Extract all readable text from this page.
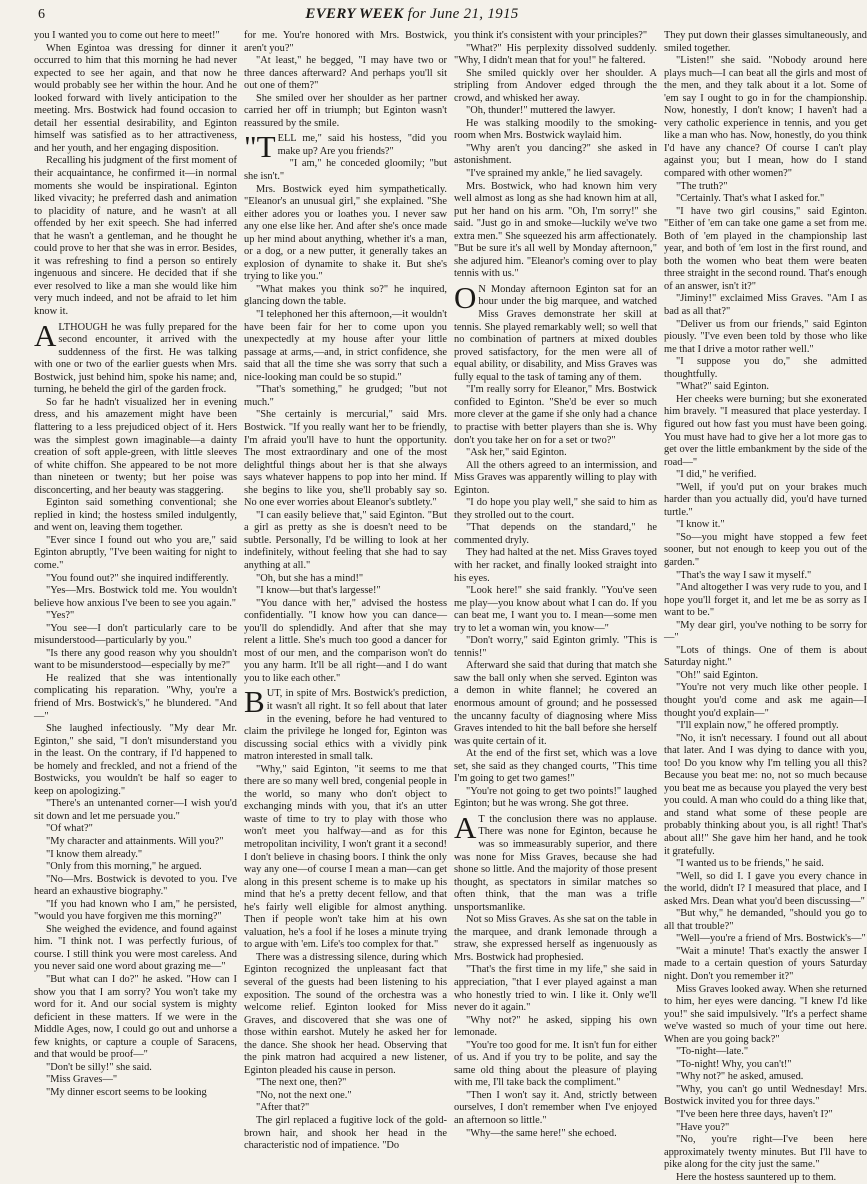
6	EVERY WEEK for June 21, 1915

you I wanted you to come out here to meet!"

When Egintoa was dressing for dinner it occurred to him that this morning he had never expected to see her again, and that now he would probably see her within the hour. And he looked forward with lively anticipation to the meeting. Mrs. Bostwick had found occasion to detail her essential desirability, and Eginton himself was satisfied as to her attractiveness, and her youth, and her engaging disposition.

Recalling his judgment of the first moment of their acquaintance, he confirmed it—in normal moments she would be inspirational. Eginton liked vivacity; he preferred dash and animation to placidity of nature, and he wasn't at all offended by her exit speech. She had inferred that he wasn't a gentleman, and he thought he could prove to her that she was in error. Besides, it was refreshing to find a person so entirely ingenuous and sincere. He decided that if she ever resolved to like a man she would like him very much indeed, and not be afraid to let him know it.

ALTHOUGH he was fully prepared for the second encounter, it arrived with the suddenness of the first. He was talking with one or two of the earlier guests when Mrs. Bostwick, just behind him, spoke his name; and, turning, he beheld the girl of the garden frock.

So far he hadn't visualized her in evening dress, and his amazement might have been flattering to a less prejudiced object of it. Hers was the simplest gown imaginable—a dainty creation of soft apple-green, with little sleeves of white chiffon. She appeared to be not more than nineteen or twenty; but her poise was disconcerting, and her beauty was staggering.

Eginton said something conventional; she replied in kind; the hostess smiled indulgently, and went on, leaving them together.

"Ever since I found out who you are," said Eginton abruptly, "I've been waiting for night to come."

"You found out?" she inquired indifferently.

"Yes—Mrs. Bostwick told me. You wouldn't believe how anxious I've been to see you again."

"Yes?"

"You see—I don't particularly care to be misunderstood—particularly by you."

"Is there any good reason why you shouldn't want to be misunderstood—especially by me?"

He realized that she was intentionally complicating his reparation. "Why, you're a friend of Mrs. Bostwick's," he blundered. "And—"

She laughed infectiously. "My dear Mr. Eginton," she said, "I don't misunderstand you in the least. On the contrary, if I'd happened to be homely and freckled, and not a friend of the Bostwicks, you wouldn't be half so eager to keep on apologizing."

"There's an untenanted corner—I wish you'd sit down and let me persuade you."

"Of what?"

"My character and attainments. Will you?"

"I know them already."

"Only from this morning," he argued.

"No—Mrs. Bostwick is devoted to you. I've heard an exhaustive biography."

"If you had known who I am," he persisted, "would you have forgiven me this morning?"

She weighed the evidence, and found against him. "I think not. I was perfectly furious, of course. I still think you were most careless. And you never said one word about grazing me—"

"But what can I do?" he asked. "How can I show you that I am sorry? You won't take my word for it. And our social system is mighty deficient in these matters. If we were in the Middle Ages, now, I could go out and unhorse a few knights, or capture a couple of Saracens, and that would be proof—"

"Don't be silly!" she said.

"Miss Graves—"

"My dinner escort seems to be looking

for me. You're honored with Mrs. Bostwick, aren't you?"

"At least," he begged, "I may have two or three dances afterward? And perhaps you'll sit out one of them?"

She smiled over her shoulder as her partner carried her off in triumph; but Eginton wasn't reassured by the smile.

"TELL me," said his hostess, "did you make up? Are you friends?"

"I am," he conceded gloomily; "but she isn't."

Mrs. Bostwick eyed him sympathetically. "Eleanor's an unusual girl," she explained. "She either adores you or loathes you. I never saw any one else like her. And after she's once made up her mind about anything, whether it's a man, or a dog, or a new putter, it generally takes an explosion of dynamite to shake it. But she's trying to like you."

"What makes you think so?" he inquired, glancing down the table.

"I telephoned her this afternoon,—it wouldn't have been fair for her to come upon you unexpectedly at my house after your little passage at arms,—and, in strict confidence, she said that all the time she was sorry that such a nice-looking man could be so stupid."

"That's something," he grudged; "but not much."

"She certainly is mercurial," said Mrs. Bostwick. "If you really want her to be friendly, I'm afraid you'll have to hunt the opportunity. The most extraordinary and one of the most delightful things about her is that she always says whatever happens to pop into her mind. If she begins to like you, she'll probably say so. No one ever worries about Eleanor's subtlety."

"I can easily believe that," said Eginton. "But a girl as pretty as she is doesn't need to be subtle. Personally, I'd be willing to look at her indefinitely, without feeling that she had to say anything at all."

"Oh, but she has a mind!"

"I know—but that's largesse!"

"You dance with her," advised the hostess confidentially. "I know how you can dance—you'll do splendidly. And after that she may relent a little. She's much too good a dancer for most of our men, and the comparison won't do you any harm. It'll be all right—and I do want you to like each other."

BUT, in spite of Mrs. Bostwick's prediction, it wasn't all right. It so fell about that later in the evening, before he had ventured to claim the privilege he longed for, Eginton was discussing social ethics with a vividly pink matron interested in small talk.

"Why," said Eginton, "it seems to me that there are so many well bred, congenial people in the world, so many who don't object to exchanging minds with you, that it's an utter waste of time to try to play with those who won't meet you halfway—and as for this metropolitan incivility, I won't grant it a second! I don't believe in chasing boors. I think the only way any one—of course I mean a man—can get along in this present scheme is to make up his mind that he's a pretty decent fellow, and that he's fairly well eligible for almost anything. Then if people won't take him at his own valuation, he's a fool if he loses a minute trying to argue with 'em. Life's too complex for that."

There was a distressing silence, during which Eginton recognized the unpleasant fact that several of the guests had been listening to his exposition. The sound of the orchestra was a welcome relief. Eginton looked for Miss Graves, and discovered that she was one of those within earshot. Mutely he asked her for the dance. She shook her head. Observing that the pink matron had acquired a new listener, Eginton pleaded his cause in person.

"The next one, then?"

"No, not the next one."

"After that?"

The girl replaced a fugitive lock of the gold-brown hair, and shook her head in the characteristic nod of impatience. "Do

you think it's consistent with your principles?"

"What?" His perplexity dissolved suddenly. "Why, I didn't mean that for you!" he faltered.

She smiled quickly over her shoulder. A stripling from Andover edged through the crowd, and whisked her away.

"Oh, thunder!" muttered the lawyer.

He was stalking moodily to the smoking-room when Mrs. Bostwick waylaid him.

"Why aren't you dancing?" she asked in astonishment.

"I've sprained my ankle," he lied savagely.

Mrs. Bostwick, who had known him very well almost as long as she had known him at all, put her hand on his arm. "Oh, I'm sorry!" she said. "Just go in and smoke—luckily we've two extra men." She squeezed his arm affectionately. "But be sure it's all well by Monday afternoon," she adjured him. "Eleanor's coming over to play tennis with us."

ON Monday afternoon Eginton sat for an hour under the big marquee, and watched Miss Graves demonstrate her skill at tennis. She played remarkably well; so well that no combination of partners at mixed doubles proved satisfactory, for the men were all of equal ability, or disability, and Miss Graves was fully equal to the task of taming any of them.

"I'm really sorry for Eleanor," Mrs. Bostwick confided to Eginton. "She'd be ever so much more clever at the game if she only had a chance to practise with better players than she is. Why don't you take her on for a set or two?"

"Ask her," said Eginton.

All the others agreed to an intermission, and Miss Graves was apparently willing to play with Eginton.

"I do hope you play well," she said to him as they strolled out to the court.

"That depends on the standard," he commented dryly.

They had halted at the net. Miss Graves toyed with her racket, and finally looked straight into his eyes.

"Look here!" she said frankly. "You've seen me play—you know about what I can do. If you can beat me, I want you to. I mean—some men try to let a woman win, you know—"

"Don't worry," said Eginton grimly. "This is tennis!"

Afterward she said that during that match she saw the ball only when she served. Eginton was a demon in white flannel; he covered an enormous amount of ground; and he possessed the uncanny faculty of diagnosing where Miss Graves intended to hit the ball before she herself was quite certain of it.

At the end of the first set, which was a love set, she said as they changed courts, "This time I'm going to get two games!"

"You're not going to get two points!" laughed Eginton; but he was wrong. She got three.

AT the conclusion there was no applause. There was none for Eginton, because he was so immeasurably superior, and there was none for Miss Graves, because she had shone so little. And the majority of those present thought, as spectators in similar matches so often think, that the man was a trifle unsportsmanlike.

Not so Miss Graves. As she sat on the table in the marquee, and drank lemonade through a straw, she expressed herself as ingenuously as Mrs. Bostwick had prophesied.

"That's the first time in my life," she said in appreciation, "that I ever played against a man who honestly tried to win. I like it. Only we'll never do it again."

"Why not?" he asked, sipping his own lemonade.

"You're too good for me. It isn't fun for either of us. And if you try to be polite, and say the same old thing about the pleasure of playing with me, I'll take back the compliment."

"Then I won't say it. And, strictly between ourselves, I don't remember when I've enjoyed an afternoon so little."

"Why—the same here!" she echoed.

They put down their glasses simultaneously, and smiled together.

"Listen!" she said. "Nobody around here plays much—I can beat all the girls and most of the men, and they talk about it a lot. Some of 'em say I ought to go in for the championship. Now, honestly, I don't know; I haven't had a very catholic experience in tennis, and you get like a man who has. Now, honestly, do you think I'd have any chance? Of course I can't play against you; but I mean, how do I stand compared with other women?"

"The truth?"

"Certainly. That's what I asked for."

"I have two girl cousins," said Eginton. "Either of 'em can take one game a set from me. Both of 'em played in the championship last year, and both of 'em lost in the first round, and both the women who beat them were beaten three straight in the second round. That's enough of an answer, isn't it?"

"Jiminy!" exclaimed Miss Graves. "Am I as bad as all that?"

"Deliver us from our friends," said Eginton piously. "I've even been told by those who like me that I drive a motor rather well."

"I suppose you do," she admitted thoughtfully.

"What?" said Eginton.

Her cheeks were burning; but she exonerated him bravely. "I measured that place yesterday. I figured out how fast you must have been going. You must have had to give her a lot more gas to get over the little embankment by the side of the road—"

"I did," he verified.

"Well, if you'd put on your brakes much harder than you actually did, you'd have turned turtle."

"I know it."

"So—you might have stopped a few feet sooner, but not enough to keep you out of the garden."

"That's the way I saw it myself."

"And altogether I was very rude to you, and I hope you'll forget it, and let me be as sorry as I want to be."

"My dear girl, you've nothing to be sorry for—"

"Lots of things. One of them is about Saturday night."

"Oh!" said Eginton.

"You're not very much like other people. I thought you'd come and ask me again—I thought you'd explain—"

"I'll explain now," he offered promptly.

"No, it isn't necessary. I found out all about that later. And I was dying to dance with you, too! Do you know why I'm telling you all this? Because you beat me: no, not so much because you beat me as because you played the very best you could. A man who could do a thing like that, and stand what some of these people are probably thinking about you, is all right! That's about all!" She gave him her hand, and he took it gratefully.

"I wanted us to be friends," he said.

"Well, so did I. I gave you every chance in the world, didn't I? I measured that place, and I asked Mrs. Dean what you'd been discussing—"

"But why," he demanded, "should you go to all that trouble?"

"Well—you're a friend of Mrs. Bostwick's—"

"Wait a minute! That's exactly the answer I made to a certain question of yours Saturday night. Don't you remember it?"

Miss Graves looked away. When she returned to him, her eyes were dancing. "I knew I'd like you!" she said impulsively. "It's a perfect shame we've wasted so much of your time out here. When are you going back?"

"To-night—late."

"To-night! Why, you can't!"

"Why not?" he asked, amused.

"Why, you can't go until Wednesday! Mrs. Bostwick invited you for three days."

"I've been here three days, haven't I?"

"Have you?"

"No, you're right—I've been here approximately twenty minutes. But I'll have to pike along for the city just the same."

Here the hostess sauntered up to them.
